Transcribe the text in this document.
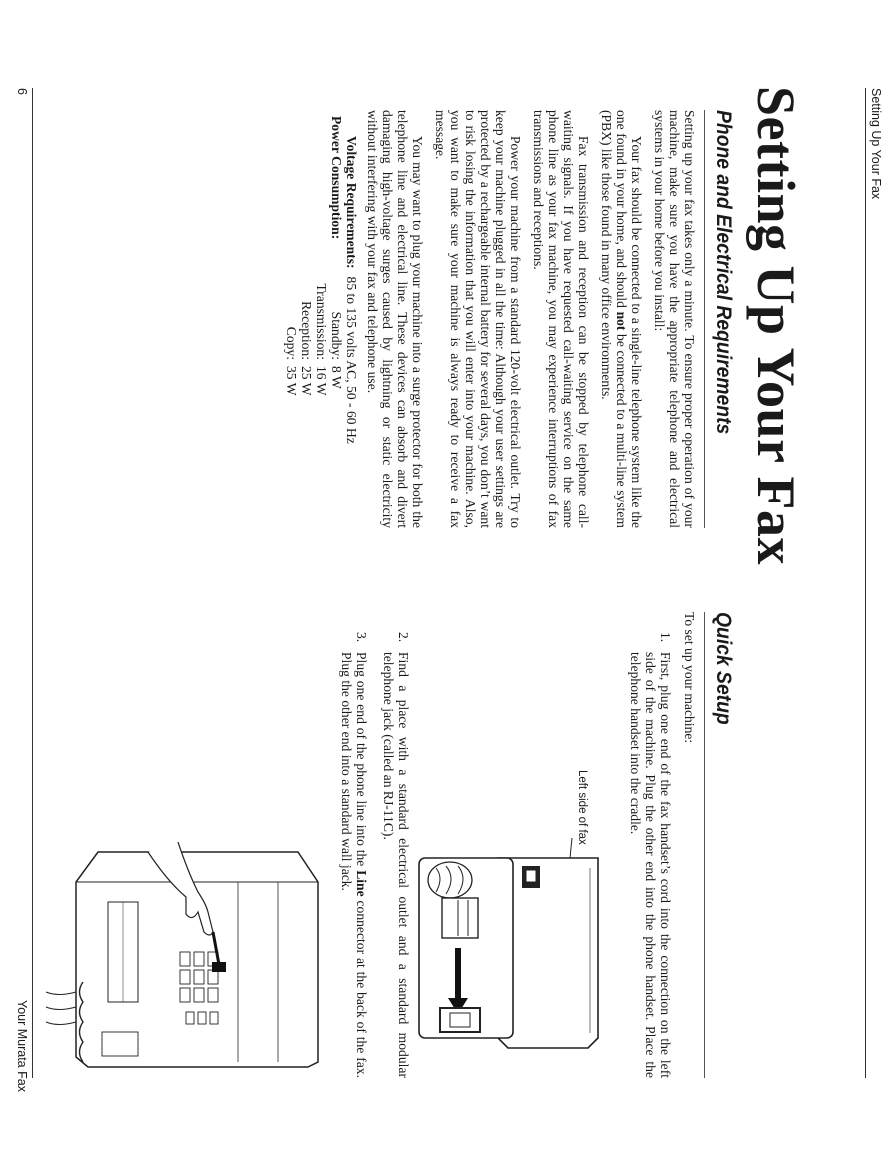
Setting Up Your Fax
Setting Up Your Fax
Phone and Electrical Requirements

Setting up your fax takes only a minute. To ensure proper operation of your machine, make sure you have the appropriate telephone and electrical systems in your home before you install:

Your fax should be connected to a single-line telephone system like the one found in your home, and should not be connected to a multi-line system (PBX) like those found in many office environments.

Fax transmission and reception can be stopped by telephone call-waiting signals. If you have requested call-waiting service on the same phone line as your fax machine, you may experience interruptions of fax transmissions and receptions.

Power your machine from a standard 120-volt electrical outlet. Try to keep your machine plugged in all the time: Although your user settings are protected by a rechargeable internal battery for several days, you don’t want to risk losing the information that you will enter into your machine. Also, you want to make sure your machine is always ready to receive a fax message.

You may want to plug your machine into a surge protector for both the telephone line and electrical line. These devices can absorb and divert damaging high-voltage surges caused by lightning or static electricity without interfering with your fax and telephone use.

Voltage Requirements:
85 to 135 volts AC, 50 - 60 Hz
Power Consumption:
Standby:
8 W
Transmission:
16 W
Reception:
25 W
Copy:
35 W
Quick Setup
To set up your machine:
1.
First, plug one end of the fax handset’s cord into the connection on the left side of the machine. Plug the other end into the phone handset. Place the telephone handset into the cradle.
Left side of fax
2.
Find a place with a standard electrical outlet and a standard modular telephone jack (called an RJ-11C).
3.
Plug one end of the phone line into the Line connector at the back of the fax. Plug the other end into a standard wall jack.
6
Your Murata Fax
